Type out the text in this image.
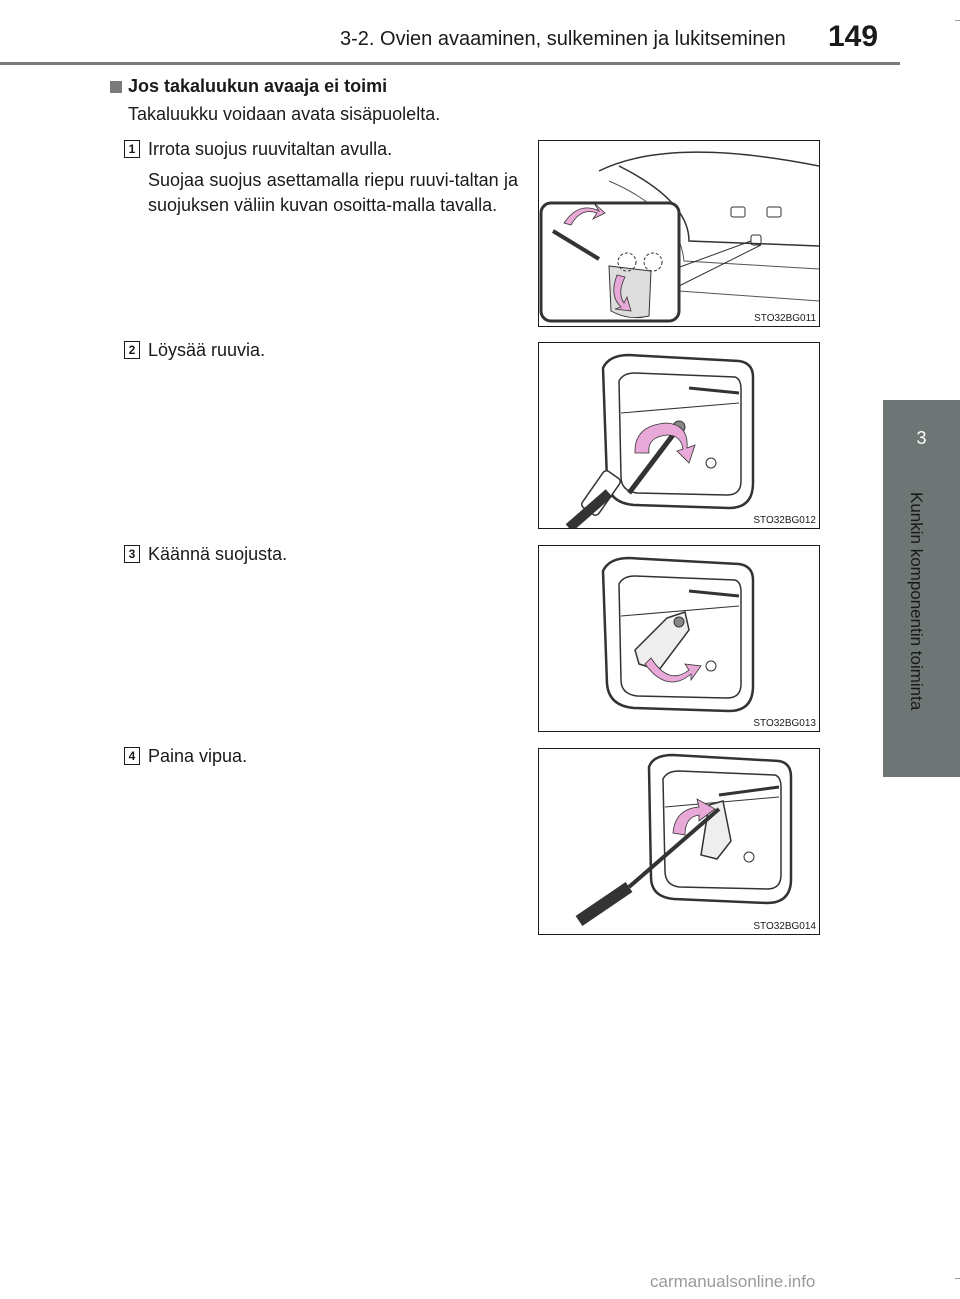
3-2. Ovien avaaminen, sulkeminen ja lukitseminen 149
3
Kunkin komponentin toiminta
Jos takaluukun avaaja ei toimi
Takaluukku voidaan avata sisäpuolelta.
1 Irrota suojus ruuvitaltan avulla.
Suojaa suojus asettamalla riepu ruuvi-taltan ja suojuksen väliin kuvan osoitta-malla tavalla.
STO32BG011
2 Löysää ruuvia.
STO32BG012
3 Käännä suojusta.
STO32BG013
4 Paina vipua.
STO32BG014
carmanualsonline.info
